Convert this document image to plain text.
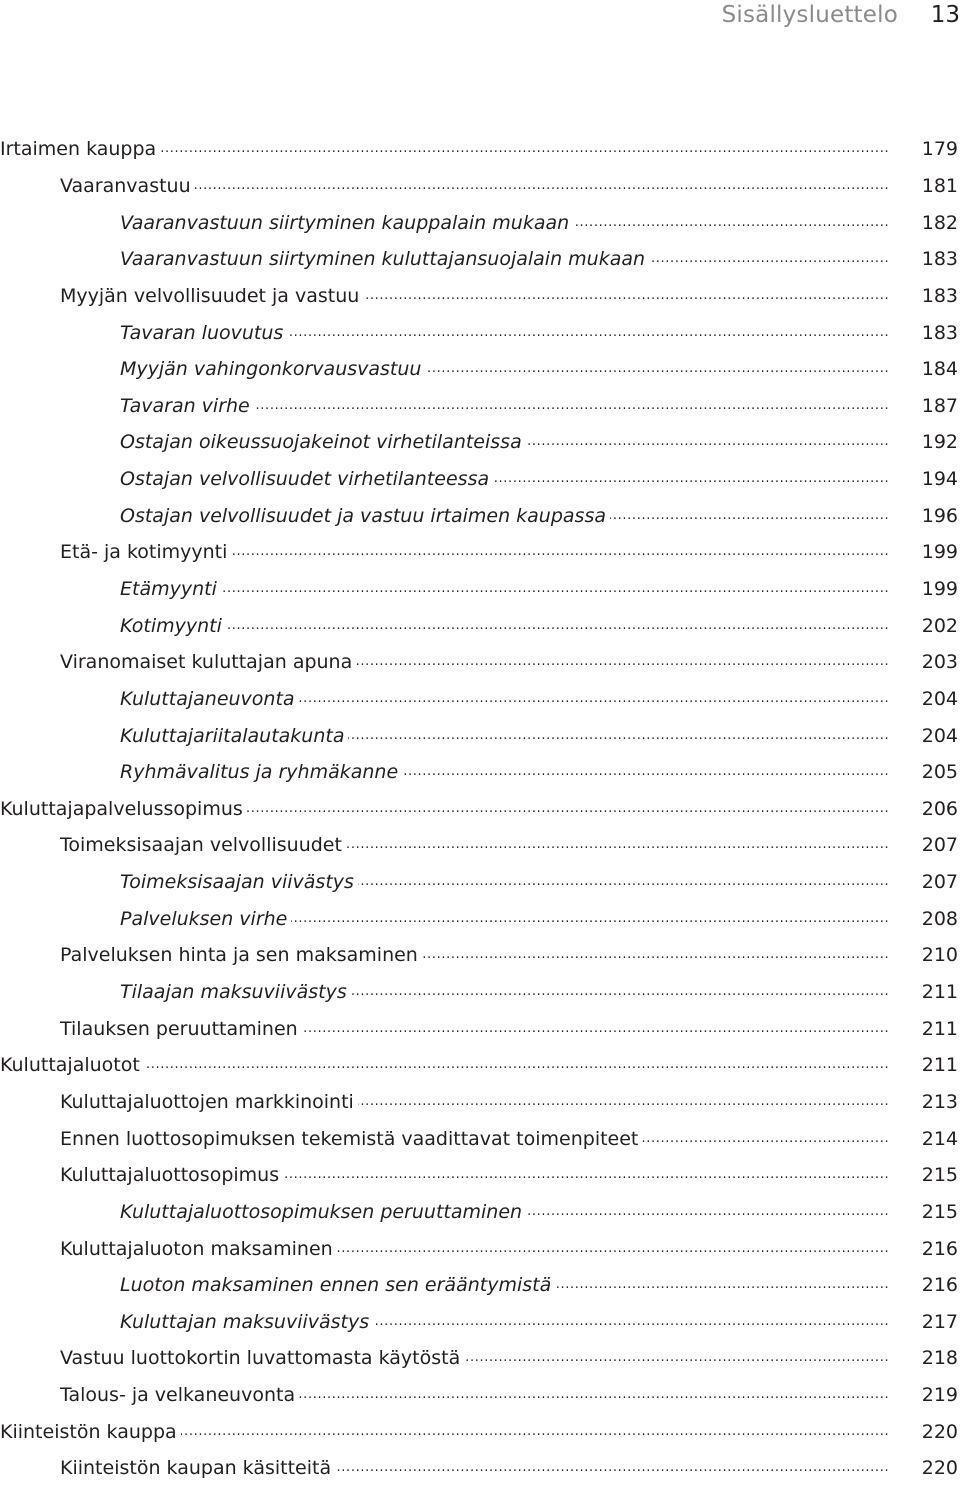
Sisällysluettelo 13
Irtaimen kauppa . . .	179
Vaaranvastuu . . .	181
Vaaranvastuun siirtyminen kauppalain mukaan . . .	182
Vaaranvastuun siirtyminen kuluttajansuojalain mukaan . . .	183
Myyjän velvollisuudet ja vastuu . . .	183
Tavaran luovutus . . .	183
Myyjän vahingonkorvausvastuu . . .	184
Tavaran virhe . . .	187
Ostajan oikeussuojakeinot virhetilanteissa . . .	192
Ostajan velvollisuudet virhetilanteessa . . .	194
Ostajan velvollisuudet ja vastuu irtaimen kaupassa . . .	196
Etä- ja kotimyynti . . .	199
Etämyynti . . .	199
Kotimyynti . . .	202
Viranomaiset kuluttajan apuna . . .	203
Kuluttajaneuvonta . . .	204
Kuluttajariitalautakunta . . .	204
Ryhmävalitus ja ryhmäkanne . . .	205
Kuluttajapalvelussopimus . . .	206
Toimeksisaajan velvollisuudet . . .	207
Toimeksisaajan viivästys . . .	207
Palveluksen virhe . . .	208
Palveluksen hinta ja sen maksaminen . . .	210
Tilaajan maksuviivästys . . .	211
Tilauksen peruuttaminen . . .	211
Kuluttajaluotot . . .	211
Kuluttajaluottojen markkinointi . . .	213
Ennen luottosopimuksen tekemistä vaadittavat toimenpiteet . . .	214
Kuluttajaluottosopimus . . .	215
Kuluttajaluottosopimuksen peruuttaminen . . .	215
Kuluttajaluoton maksaminen . . .	216
Luoton maksaminen ennen sen erääntymistä . . .	216
Kuluttajan maksuviivästys . . .	217
Vastuu luottokortin luvattomasta käytöstä . . .	218
Talous- ja velkaneuvonta . . .	219
Kiinteistön kauppa . . .	220
Kiinteistön kaupan käsitteitä . . .	220
